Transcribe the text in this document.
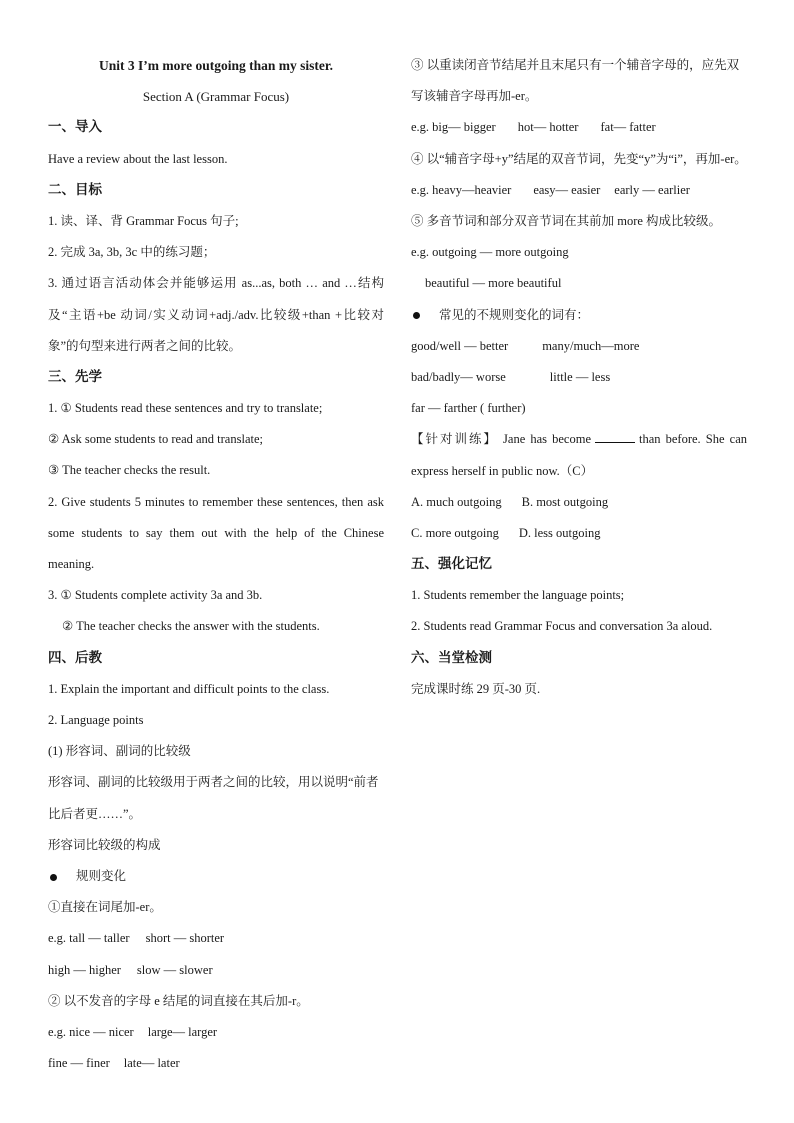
Unit 3 I’m more outgoing than my sister.
Section A (Grammar Focus)
一、导入
Have a review about the last lesson.
二、目标
1. 读、译、背 Grammar Focus 句子;
2. 完成 3a, 3b, 3c 中的练习题；
3. 通过语言活动体会并能够运用 as...as, both … and …结构及“主语+be 动词/实义动词+adj./adv.比较级+than +比较对象”的句型来进行两者之间的比较。
三、先学
1. ① Students read these sentences and try to translate;
② Ask some students to read and translate;
③ The teacher checks the result.
2. Give students 5 minutes to remember these sentences, then ask some students to say them out with the help of the Chinese meaning.
3. ① Students complete activity 3a and 3b.
② The teacher checks the answer with the students.
四、后教
1. Explain the important and difficult points to the class.
2. Language points
(1) 形容词、副词的比较级
形容词、副词的比较级用于两者之间的比较，用以说明“前者比后者更……”。
形容词比较级的构成
规则变化
①直接在词尾加-er。
e.g. tall — taller short — shorter
high — higher slow — slower
② 以不发音的字母 e 结尾的词直接在其后加-r。
e.g. nice — nicer large— larger
fine — finer late— later
③ 以重读闭音节结尾并且末尾只有一个辅音字母的，应先双写该辅音字母再加-er。
e.g. big— bigger hot— hotter fat— fatter
④ 以“辅音字母+y”结尾的双音节词，先变“y”为“i”，再加-er。
e.g. heavy—heavier easy— easier early — earlier
⑤ 多音节词和部分双音节词在其前加 more 构成比较级。
e.g. outgoing — more outgoing
beautiful — more beautiful
常见的不规则变化的词有：
good/well — better	many/much—more
bad/badly— worse	little — less
far — farther ( further)
【针对训练】 Jane has become	than before. She can express herself in public now.（C）
A. much outgoing B. most outgoing
C. more outgoing D. less outgoing
五、强化记忆
1. Students remember the language points;
2. Students read Grammar Focus and conversation 3a aloud.
六、当堂检测
完成课时练 29 页-30 页.
